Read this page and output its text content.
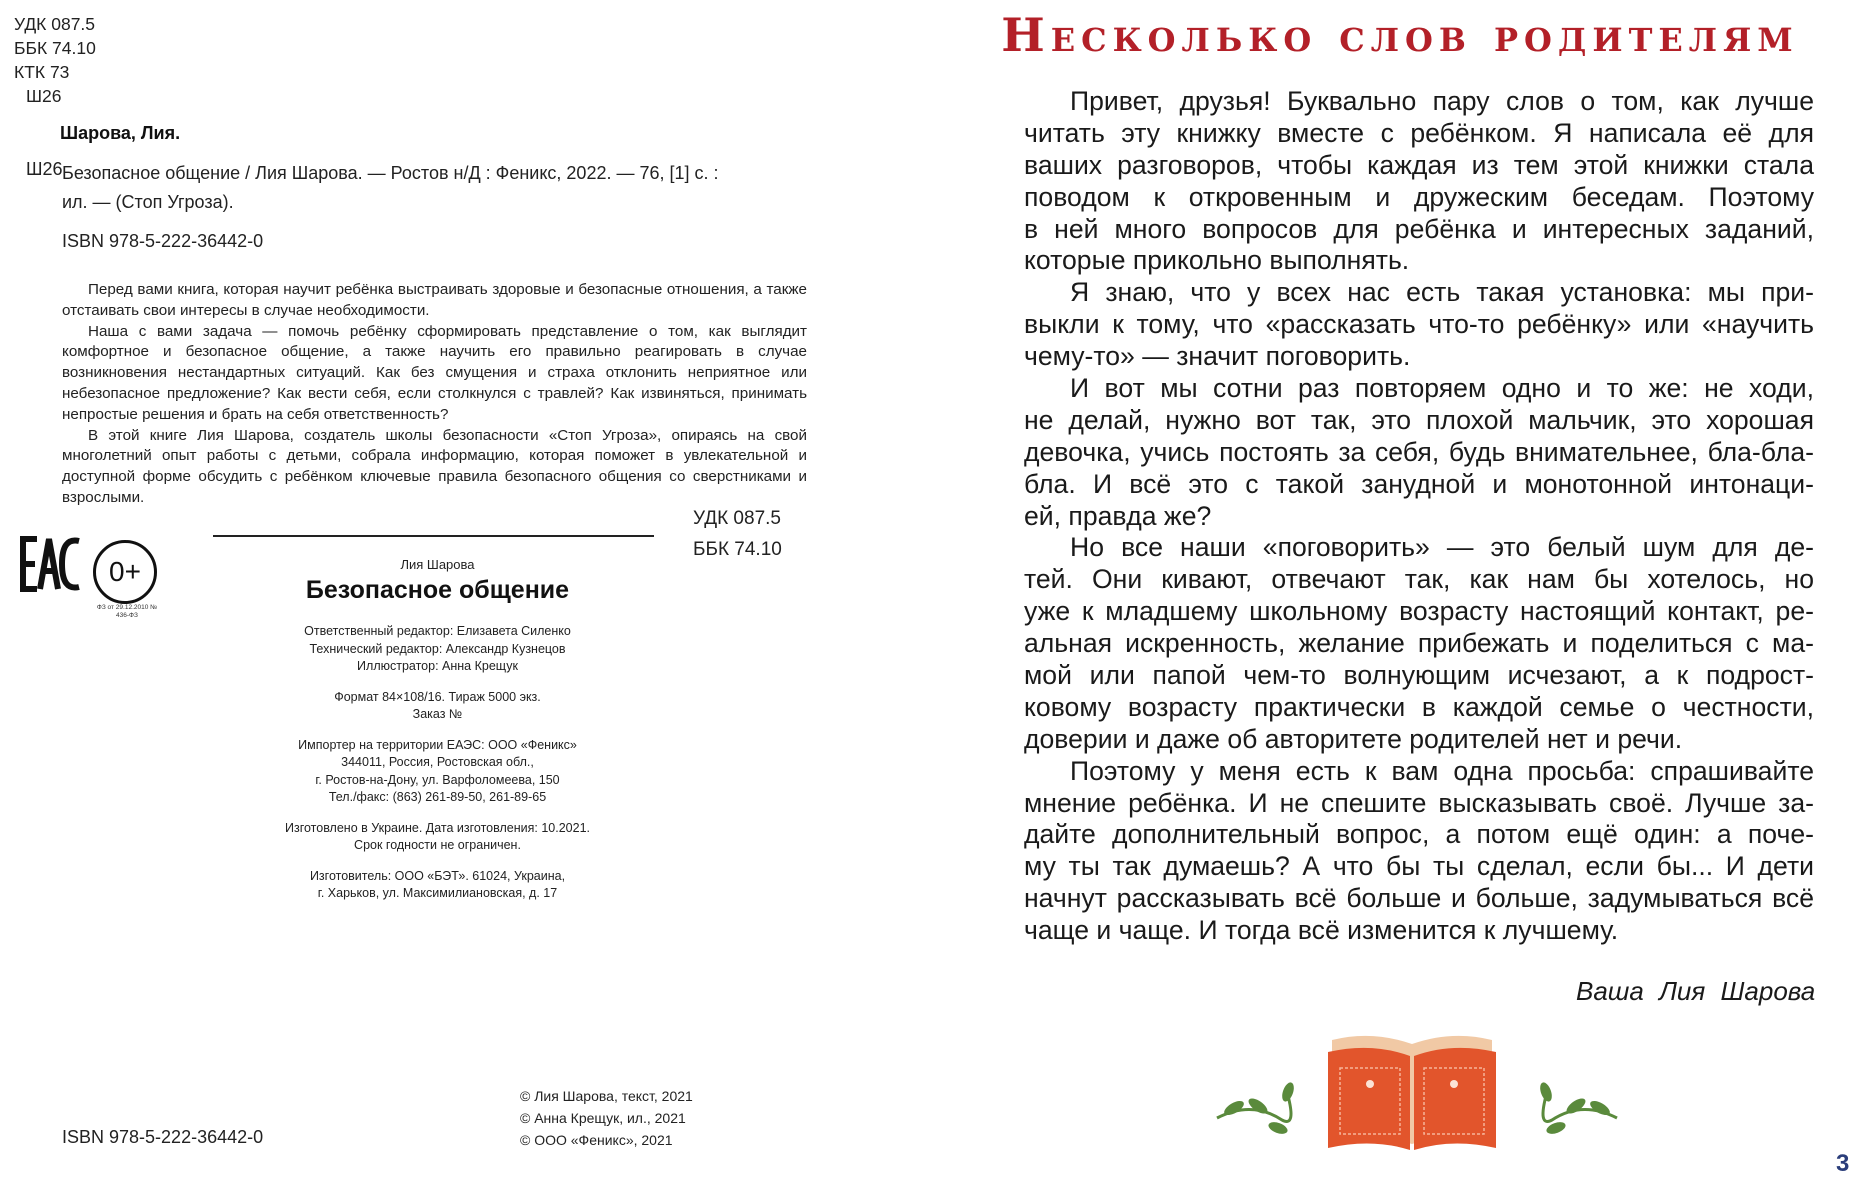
УДК 087.5
ББК 74.10
КТК 73
Ш26
Шарова, Лия.
Ш26 Безопасное общение / Лия Шарова. — Ростов н/Д : Феникс, 2022. — 76, [1] с. :
ил. — (Стоп Угроза).
ISBN 978-5-222-36442-0

Перед вами книга, которая научит ребёнка выстраивать здоровые и безопасные отношения, а также отстаивать свои интересы в случае необходимости.

Наша с вами задача — помочь ребёнку сформировать представление о том, как выглядит комфортное и безопасное общение, а также научить его правильно реагировать в случае возникновения нестандартных ситуаций. Как без смущения и страха отклонить неприятное или небезопасное предложение? Как вести себя, если столкнулся с травлей? Как извиняться, принимать непростые решения и брать на себя ответственность?

В этой книге Лия Шарова, создатель школы безопасности «Стоп Угроза», опираясь на свой многолетний опыт работы с детьми, собрала информацию, которая поможет в увлекательной и доступной форме обсудить с ребёнком ключевые правила безопасного общения со сверстниками и взрослыми.

УДК 087.5
ББК 74.10
0+
ФЗ от 29.12.2010 № 436-ФЗ
Лия Шарова
Безопасное общение
Ответственный редактор: Елизавета Силенко
Технический редактор: Александр Кузнецов
Иллюстратор: Анна Крещук
Формат 84×108/16. Тираж 5000 экз.
Заказ №
Импортер на территории ЕАЭС: ООО «Феникс»
344011, Россия, Ростовская обл.,
г. Ростов-на-Дону, ул. Варфоломеева, 150
Тел./факс: (863) 261-89-50, 261-89-65
Изготовлено в Украине. Дата изготовления: 10.2021.
Срок годности не ограничен.
Изготовитель: ООО «БЭТ». 61024, Украина,
г. Харьков, ул. Максимилиановская, д. 17
© Лия Шарова, текст, 2021
© Анна Крещук, ил., 2021
© ООО «Феникс», 2021
ISBN 978-5-222-36442-0
Несколько слов родителям
Привет, друзья! Буквально пару слов о том, как лучше
читать эту книжку вместе с ребёнком. Я написала её для
ваших разговоров, чтобы каждая из тем этой книжки стала
поводом к откровенным и дружеским беседам. Поэтому
в ней много вопросов для ребёнка и интересных заданий,
которые прикольно выполнять.
Я знаю, что у всех нас есть такая установка: мы при-
выкли к тому, что «рассказать что-то ребёнку» или «научить
чему-то» — значит поговорить.
И вот мы сотни раз повторяем одно и то же: не ходи,
не делай, нужно вот так, это плохой мальчик, это хорошая
девочка, учись постоять за себя, будь внимательнее, бла-бла-
бла. И всё это с такой занудной и монотонной интонаци-
ей, правда же?
Но все наши «поговорить» — это белый шум для де-
тей. Они кивают, отвечают так, как нам бы хотелось, но
уже к младшему школьному возрасту настоящий контакт, ре-
альная искренность, желание прибежать и поделиться с ма-
мой или папой чем-то волнующим исчезают, а к подрост-
ковому возрасту практически в каждой семье о честности,
доверии и даже об авторитете родителей нет и речи.
Поэтому у меня есть к вам одна просьба: спрашивайте
мнение ребёнка. И не спешите высказывать своё. Лучше за-
дайте дополнительный вопрос, а потом ещё один: а поче-
му ты так думаешь? А что бы ты сделал, если бы... И дети
начнут рассказывать всё больше и больше, задумываться всё
чаще и чаще. И тогда всё изменится к лучшему.
Ваша Лия Шарова
3
